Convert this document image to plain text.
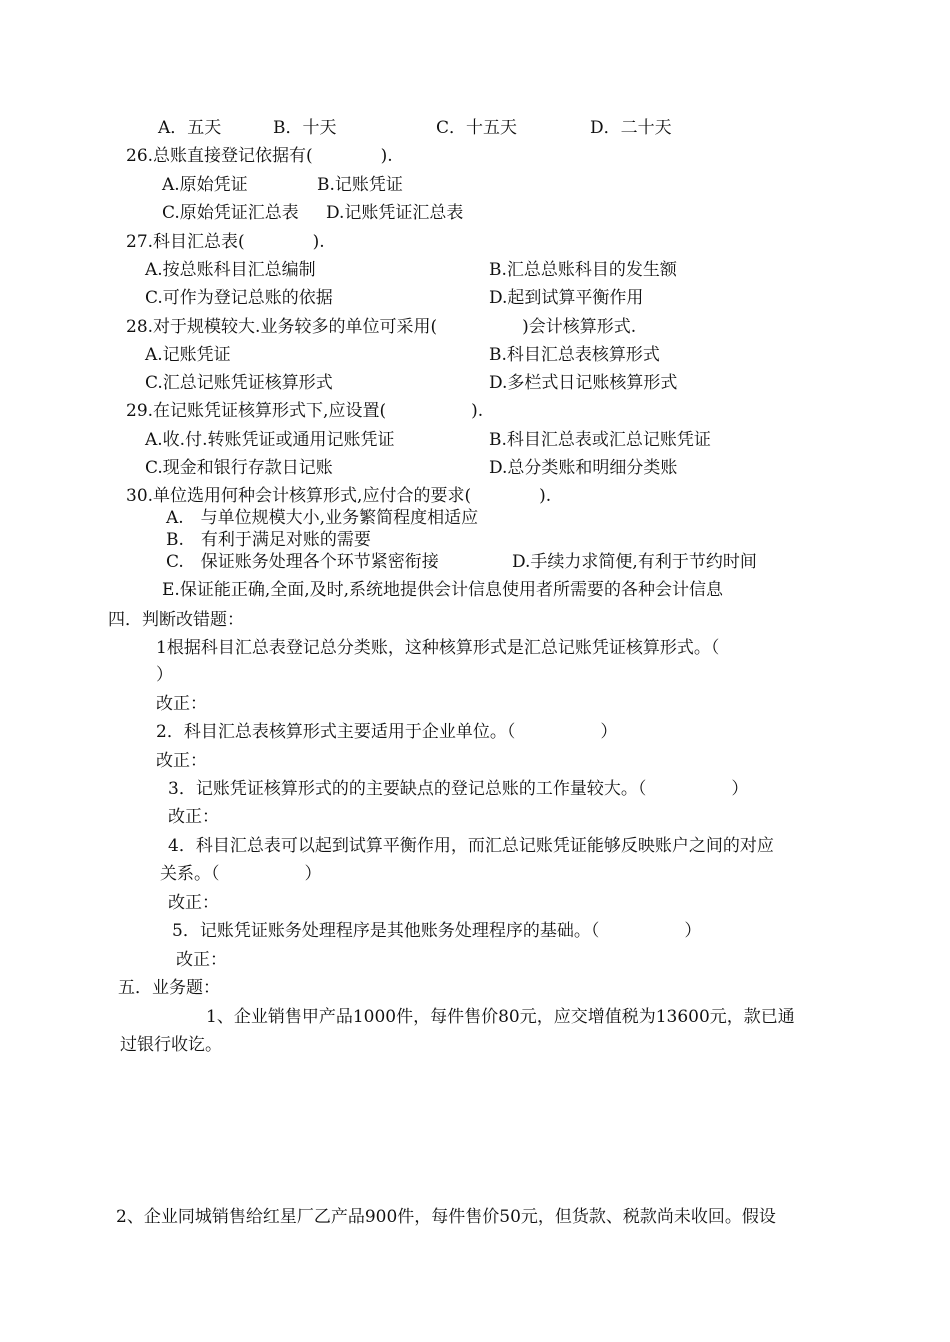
A．五天	B．十天	C．十五天	D．二十天
26.总账直接登记依据有(　　　　).
A.原始凭证	B.记账凭证
C.原始凭证汇总表 D.记账凭证汇总表
27.科目汇总表(　　　　).
A.按总账科目汇总编制	B.汇总总账科目的发生额
C.可作为登记总账的依据	D.起到试算平衡作用
28.对于规模较大.业务较多的单位可采用(　　　　　)会计核算形式.
A.记账凭证	B.科目汇总表核算形式
C.汇总记账凭证核算形式	D.多栏式日记账核算形式
29.在记账凭证核算形式下,应设置(　　　　　).
A.收.付.转账凭证或通用记账凭证	B.科目汇总表或汇总记账凭证
C.现金和银行存款日记账	D.总分类账和明细分类账
30.单位选用何种会计核算形式,应付合的要求(　　　　).
A.　与单位规模大小,业务繁简程度相适应
B.　有利于满足对账的需要
C.　保证账务处理各个环节紧密衔接	D.手续力求简便,有利于节约时间
E.保证能正确,全面,及时,系统地提供会计信息使用者所需要的各种会计信息
四．判断改错题：
1根据科目汇总表登记总分类账，这种核算形式是汇总记账凭证核算形式。（
）
改正：
2．科目汇总表核算形式主要适用于企业单位。（　　　　　）
改正：
3．记账凭证核算形式的的主要缺点的登记总账的工作量较大。（　　　　　）
改正：
4．科目汇总表可以起到试算平衡作用，而汇总记账凭证能够反映账户之间的对应
关系。（　　　　　）
改正：
5．记账凭证账务处理程序是其他账务处理程序的基础。（　　　　　）
改正：
五．业务题：
1、企业销售甲产品1000件，每件售价80元，应交增值税为13600元，款已通
过银行收讫。
2、企业同城销售给红星厂乙产品900件，每件售价50元，但货款、税款尚未收回。假设
